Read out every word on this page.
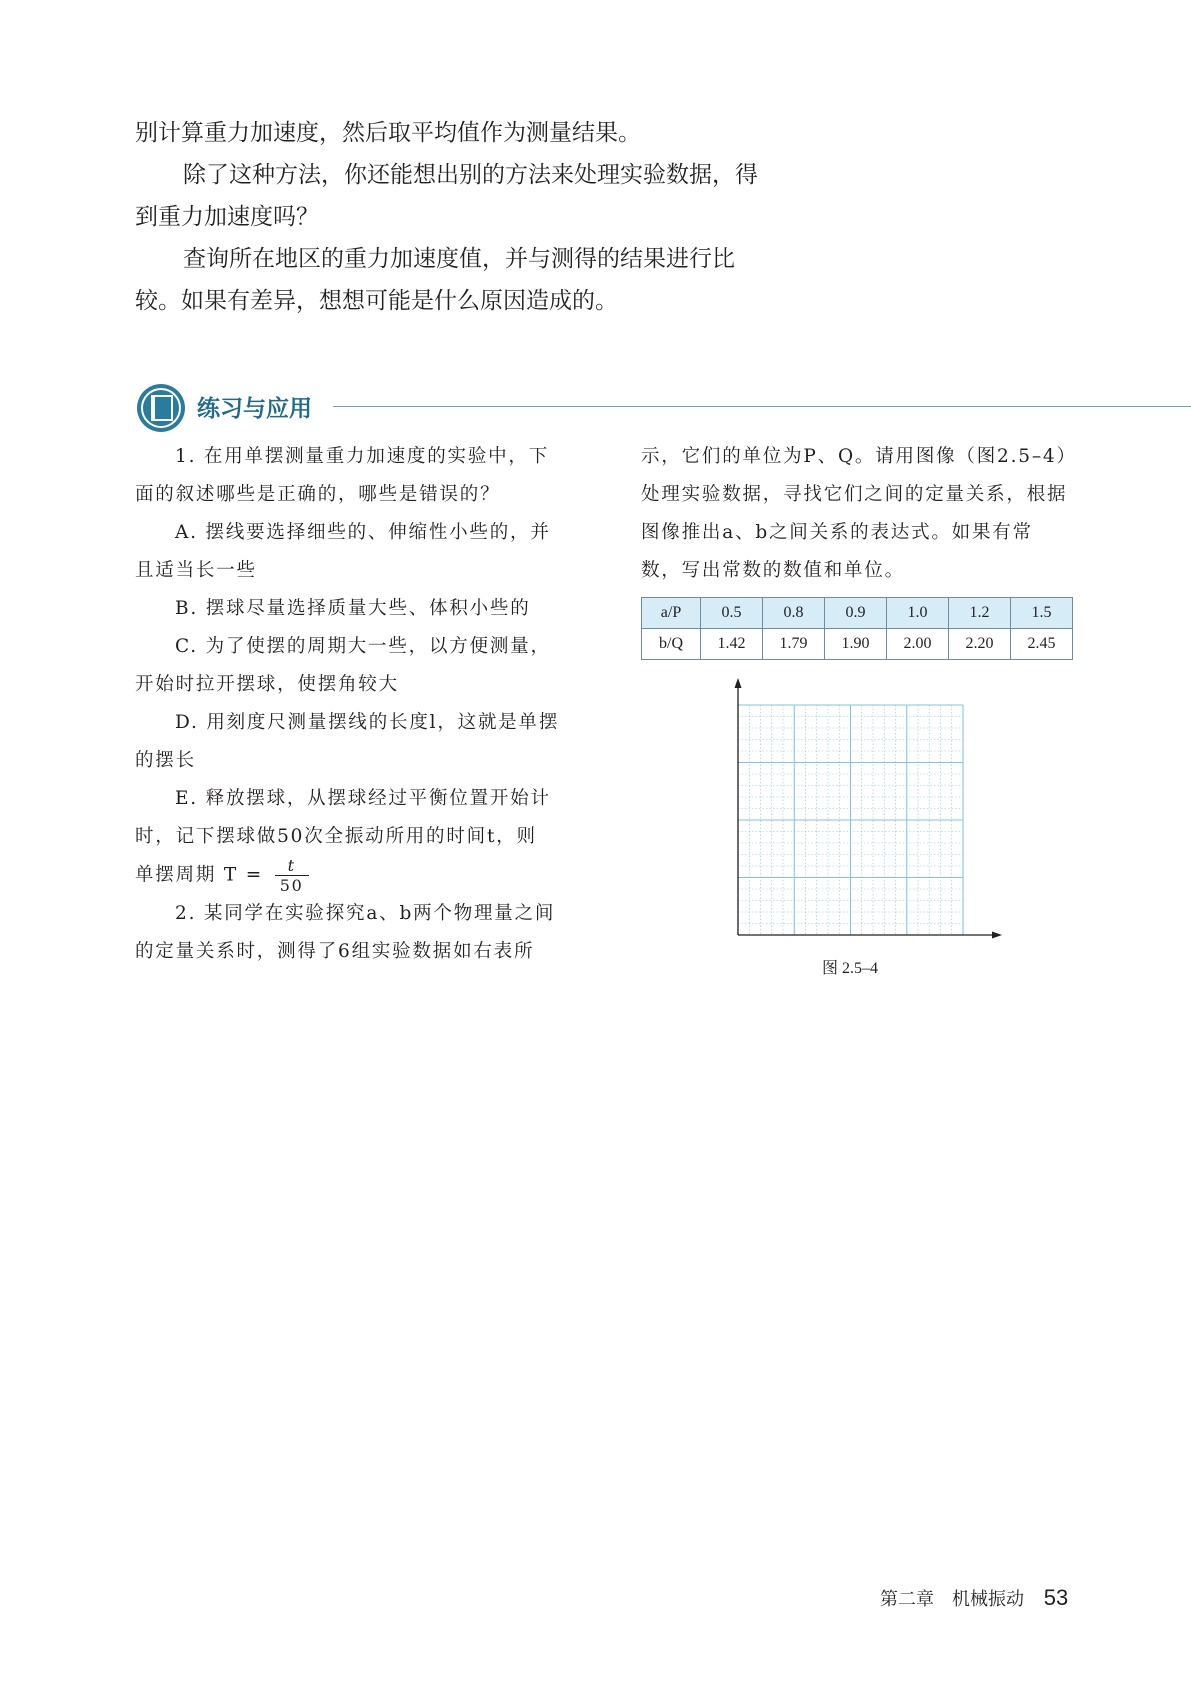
别计算重力加速度，然后取平均值作为测量结果。

除了这种方法，你还能想出别的方法来处理实验数据，得到重力加速度吗？

查询所在地区的重力加速度值，并与测得的结果进行比较。如果有差异，想想可能是什么原因造成的。

练习与应用

1. 在用单摆测量重力加速度的实验中，下面的叙述哪些是正确的，哪些是错误的？

A. 摆线要选择细些的、伸缩性小些的，并且适当长一些

B. 摆球尽量选择质量大些、体积小些的

C. 为了使摆的周期大一些，以方便测量，开始时拉开摆球，使摆角较大

D. 用刻度尺测量摆线的长度l，这就是单摆的摆长

E. 释放摆球，从摆球经过平衡位置开始计时，记下摆球做50次全振动所用的时间t，则

单摆周期 $T = \frac{t}{50}$

2. 某同学在实验探究a、b两个物理量之间的定量关系时，测得了6组实验数据如右表所

示，它们的单位为P、Q。请用图像（图2.5–4）处理实验数据，寻找它们之间的定量关系，根据图像推出a、b之间关系的表达式。如果有常数，写出常数的数值和单位。

a/P	0.5	0.8	0.9	1.0	1.2	1.5
b/Q	1.42	1.79	1.90	2.00	2.20	2.45
图 2.5–4
第二章　机械振动 53
